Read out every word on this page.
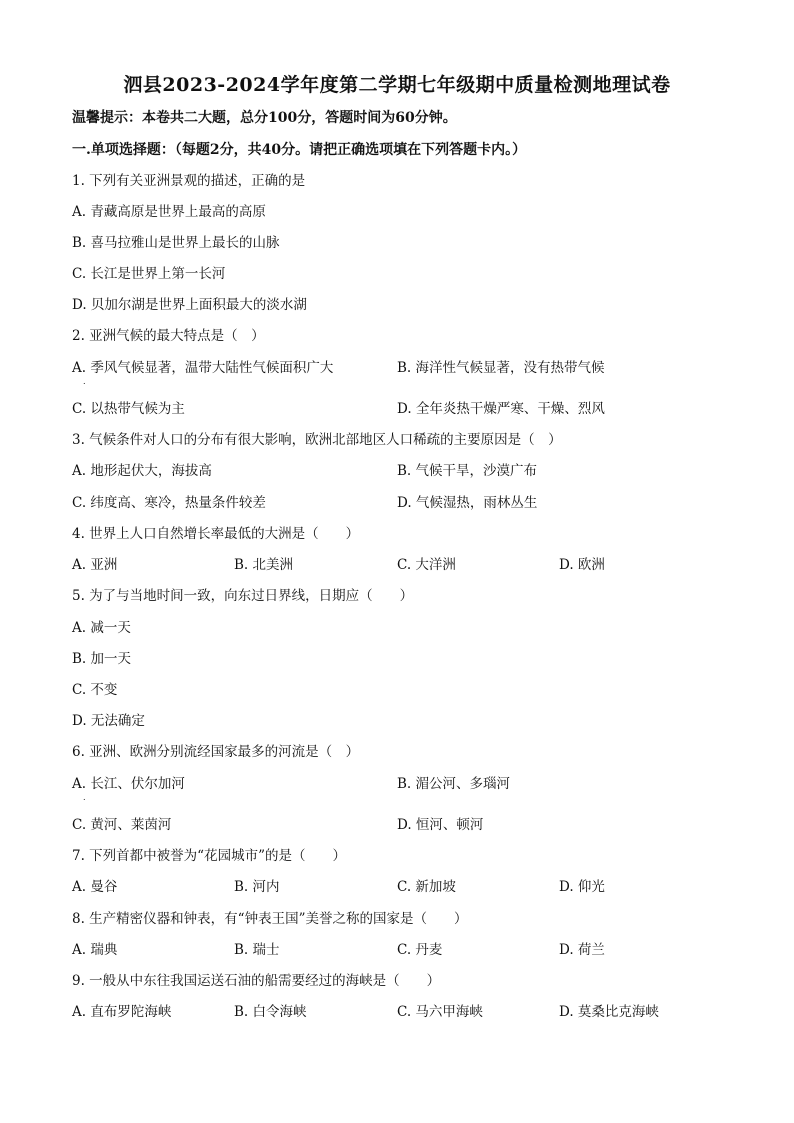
泗县2023-2024学年度第二学期七年级期中质量检测地理试卷
温馨提示：本卷共二大题，总分100分，答题时间为60分钟。
一.单项选择题：（每题2分，共40分。请把正确选项填在下列答题卡内。）
1. 下列有关亚洲景观的描述，正确的是
A. 青藏高原是世界上最高的高原
B. 喜马拉雅山是世界上最长的山脉
C. 长江是世界上第一长河
D. 贝加尔湖是世界上面积最大的淡水湖
2. 亚洲气候的最大特点是（　）
A. 季风气候显著，温带大陆性气候面积广大	B. 海洋性气候显著，没有热带气候
.
C. 以热带气候为主	D. 全年炎热干燥严寒、干燥、烈风
3. 气候条件对人口的分布有很大影响，欧洲北部地区人口稀疏的主要原因是（　）
A. 地形起伏大，海拔高	B. 气候干旱，沙漠广布
C. 纬度高、寒冷，热量条件较差	D. 气候湿热，雨林丛生
4. 世界上人口自然增长率最低的大洲是（　　）
A. 亚洲	B. 北美洲	C. 大洋洲	D. 欧洲
5. 为了与当地时间一致，向东过日界线，日期应（　　）
A. 减一天
B. 加一天
C. 不变
D. 无法确定
6. 亚洲、欧洲分别流经国家最多的河流是（　）
A. 长江、伏尔加河	B. 湄公河、多瑙河
.
C. 黄河、莱茵河	D. 恒河、顿河
7. 下列首都中被誉为“花园城市”的是（　　）
A. 曼谷	B. 河内	C. 新加坡	D. 仰光
8. 生产精密仪器和钟表，有“钟表王国”美誉之称的国家是（　　）
A. 瑞典	B. 瑞士	C. 丹麦	D. 荷兰
9. 一般从中东往我国运送石油的船需要经过的海峡是（　　）
A. 直布罗陀海峡	B. 白令海峡	C. 马六甲海峡	D. 莫桑比克海峡
